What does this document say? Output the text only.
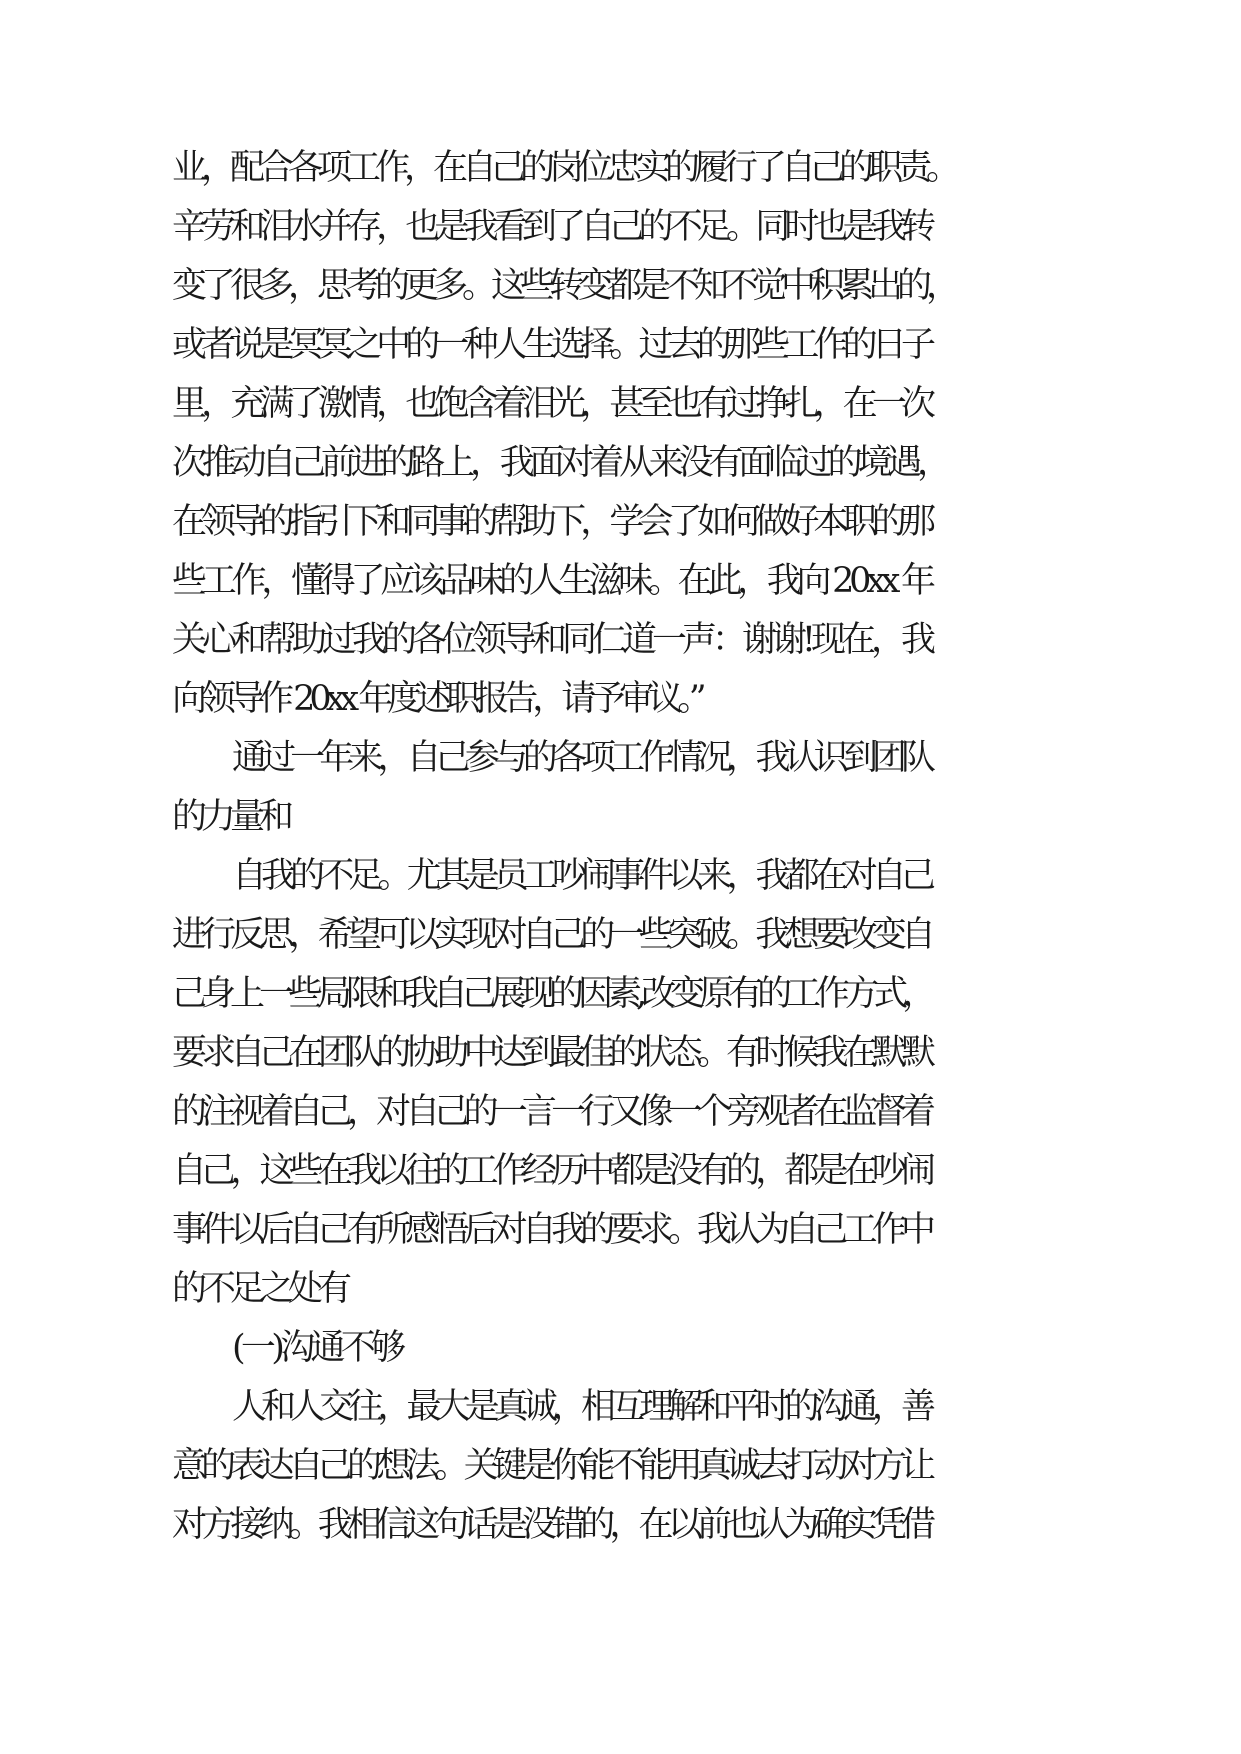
业，配合各项工作，在自己的岗位忠实的履行了自己的职责。
辛劳和泪水并存，也是我看到了自己的不足。同时也是我转
变了很多，思考的更多。这些转变都是不知不觉中积累出的，
或者说是冥冥之中的一种人生选择。过去的那些工作的日子
里，充满了激情，也饱含着泪光，甚至也有过挣扎，在一次
次推动自己前进的路上，我面对着从来没有面临过的境遇，
在领导的指引下和同事的帮助下，学会了如何做好本职的那
些工作，懂得了应该品味的人生滋味。在此，我向 20xx 年
关心和帮助过我的各位领导和同仁道一声：谢谢!现在，我
向领导作 20xx 年度述职报告，请予审议。”
通过一年来，自己参与的各项工作情况，我认识到团队
的力量和
自我的不足。尤其是员工吵闹事件以来，我都在对自己
进行反思，希望可以实现对自己的一些突破。我想要改变自
己身上一些局限和我自己展现的因素,改变原有的工作方式，
要求自己在团队的协助中达到最佳的状态。有时候我在默默
的注视着自己，对自己的一言一行又像一个旁观者在监督着
自己，这些在我以往的工作经历中都是没有的，都是在吵闹
事件以后自己有所感悟后对自我的要求。我认为自己工作中
的不足之处有
(一)沟通不够
人和人交往，最大是真诚，相互理解和平时的沟通，善
意的表达自己的想法。关键是你能不能用真诚去打动对方让
对方接纳。我相信这句话是没错的，在以前也认为确实凭借
